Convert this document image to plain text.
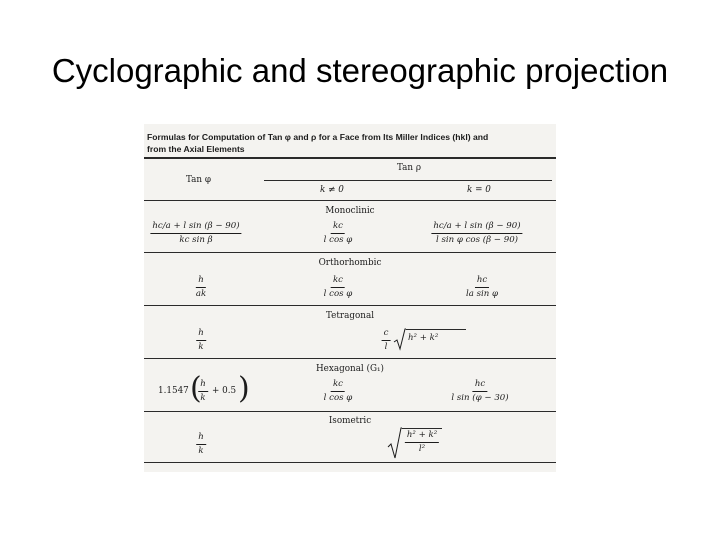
Cyclographic and stereographic projection
Formulas for Computation of Tan φ and ρ for a Face from Its Miller Indices (hkl) and
from the Axial Elements
Tan φ
Tan ρ
k ≠ 0	k = 0
Monoclinic
$\frac{\text{hc/a + l sin (β − 90)}}{\text{kc sin β}}$	$\frac{kc}{\text{l cos φ}}$	$\frac{\text{hc/a + l sin (β − 90)}}{\text{l sin φ cos (β − 90)}}$
Orthorhombic
$\frac{h}{ak}$	$\frac{kc}{\text{l cos φ}}$	$\frac{hc}{\text{la sin φ}}$
Tetragonal
$\frac{h}{k}$	$\frac{c}{l} h^2 + k^2$
Hexagonal (G₁)
1.1547 (
$\frac{h}{k} + 0.5$ )	$\frac{kc}{\text{l cos φ}}$	$\frac{hc}{\text{l sin (φ − 30)}}$
Isometric
$\frac{h}{k}$	$\frac{\text{h² + k²}}{\text{l²}}$
